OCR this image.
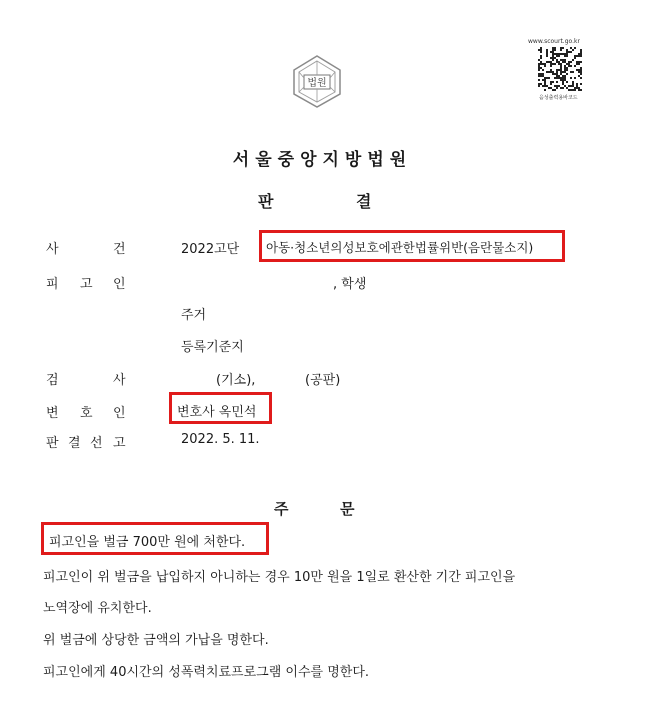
법원
www.scourt.go.kr
음성출력용바코드
서울중앙지방법원
판	결
사	건	2022고단 아동·청소년의성보호에관한법률위반(음란물소지)
피 고 인	, 학생
주거
등록기준지
검	사	(기소),	(공판)
변 호 인	변호사 옥민석
판 결 선 고	2022. 5. 11.
주	문
피고인을 벌금 700만 원에 처한다.
피고인이 위 벌금을 납입하지 아니하는 경우 10만 원을 1일로 환산한 기간 피고인을
노역장에 유치한다.
위 벌금에 상당한 금액의 가납을 명한다.
피고인에게 40시간의 성폭력치료프로그램 이수를 명한다.
